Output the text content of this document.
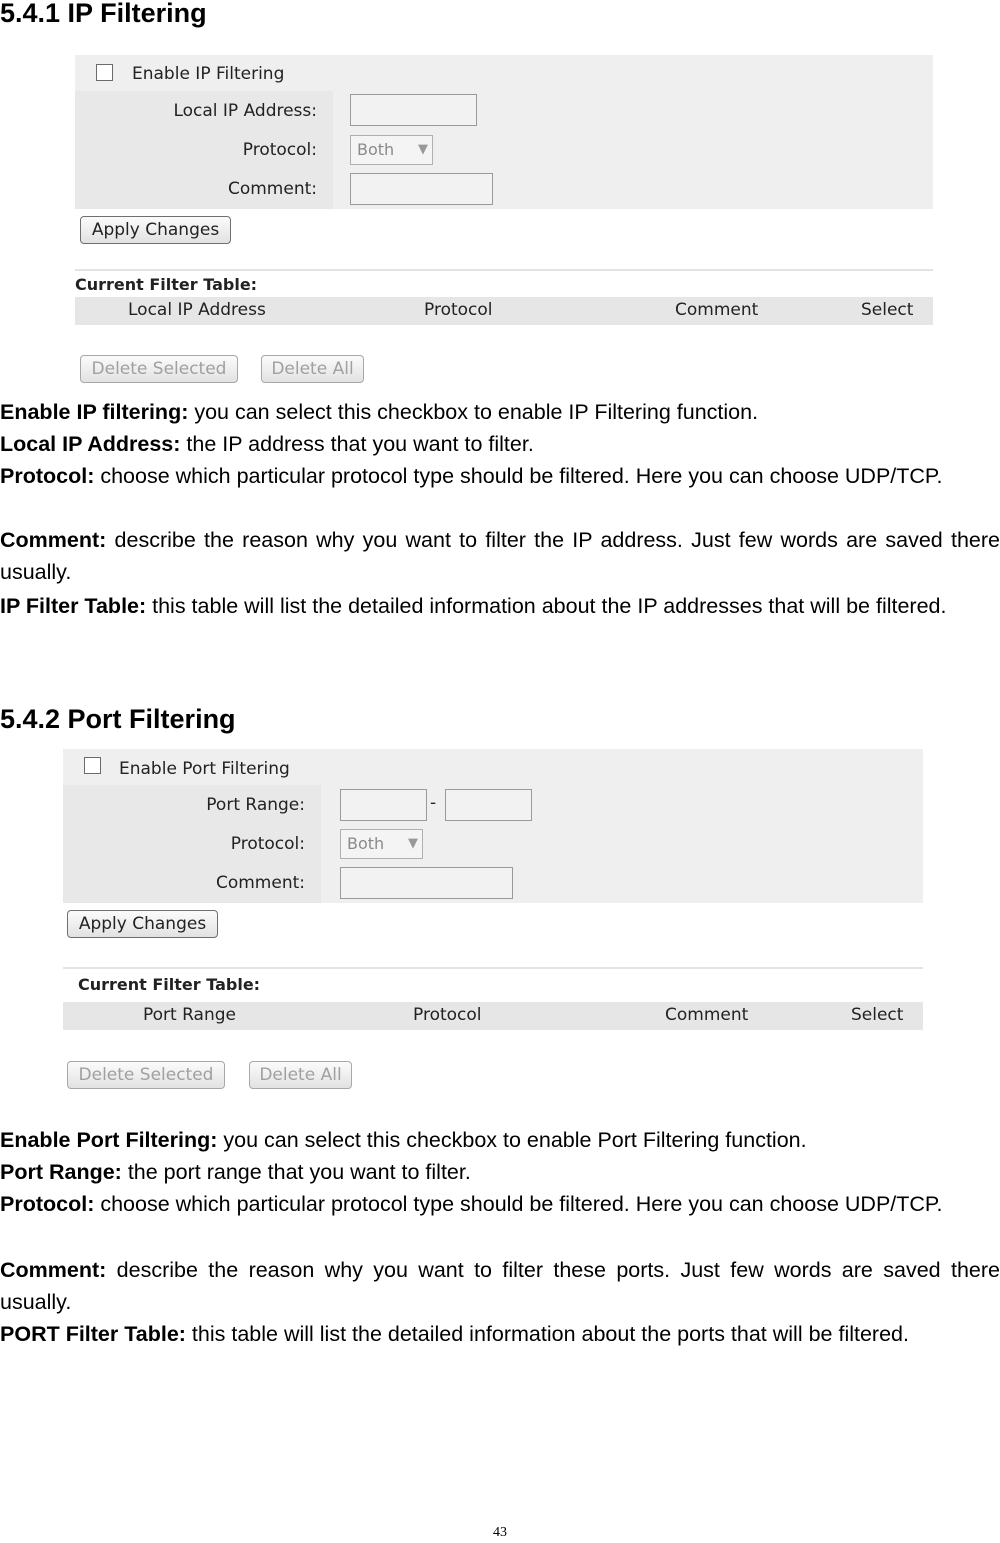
5.4.1 IP Filtering
Enable IP Filtering
Local IP Address:
Protocol:	Both ▼
Comment:
Apply Changes
Current Filter Table:
Local IP Address	Protocol	Comment	Select
Delete Selected	Delete All

Enable IP filtering: you can select this checkbox to enable IP Filtering function.

Local IP Address: the IP address that you want to filter.

Protocol: choose which particular protocol type should be filtered. Here you can choose UDP/TCP.

Comment: describe the reason why you want to filter the IP address. Just few words are saved there usually.

IP Filter Table: this table will list the detailed information about the IP addresses that will be filtered.

5.4.2 Port Filtering
Enable Port Filtering
Port Range:	-
Protocol:	Both ▼
Comment:
Apply Changes
Current Filter Table:
Port Range	Protocol	Comment	Select
Delete Selected	Delete All

Enable Port Filtering: you can select this checkbox to enable Port Filtering function.

Port Range: the port range that you want to filter.

Protocol: choose which particular protocol type should be filtered. Here you can choose UDP/TCP.

Comment: describe the reason why you want to filter these ports. Just few words are saved there usually.

PORT Filter Table: this table will list the detailed information about the ports that will be filtered.

43
